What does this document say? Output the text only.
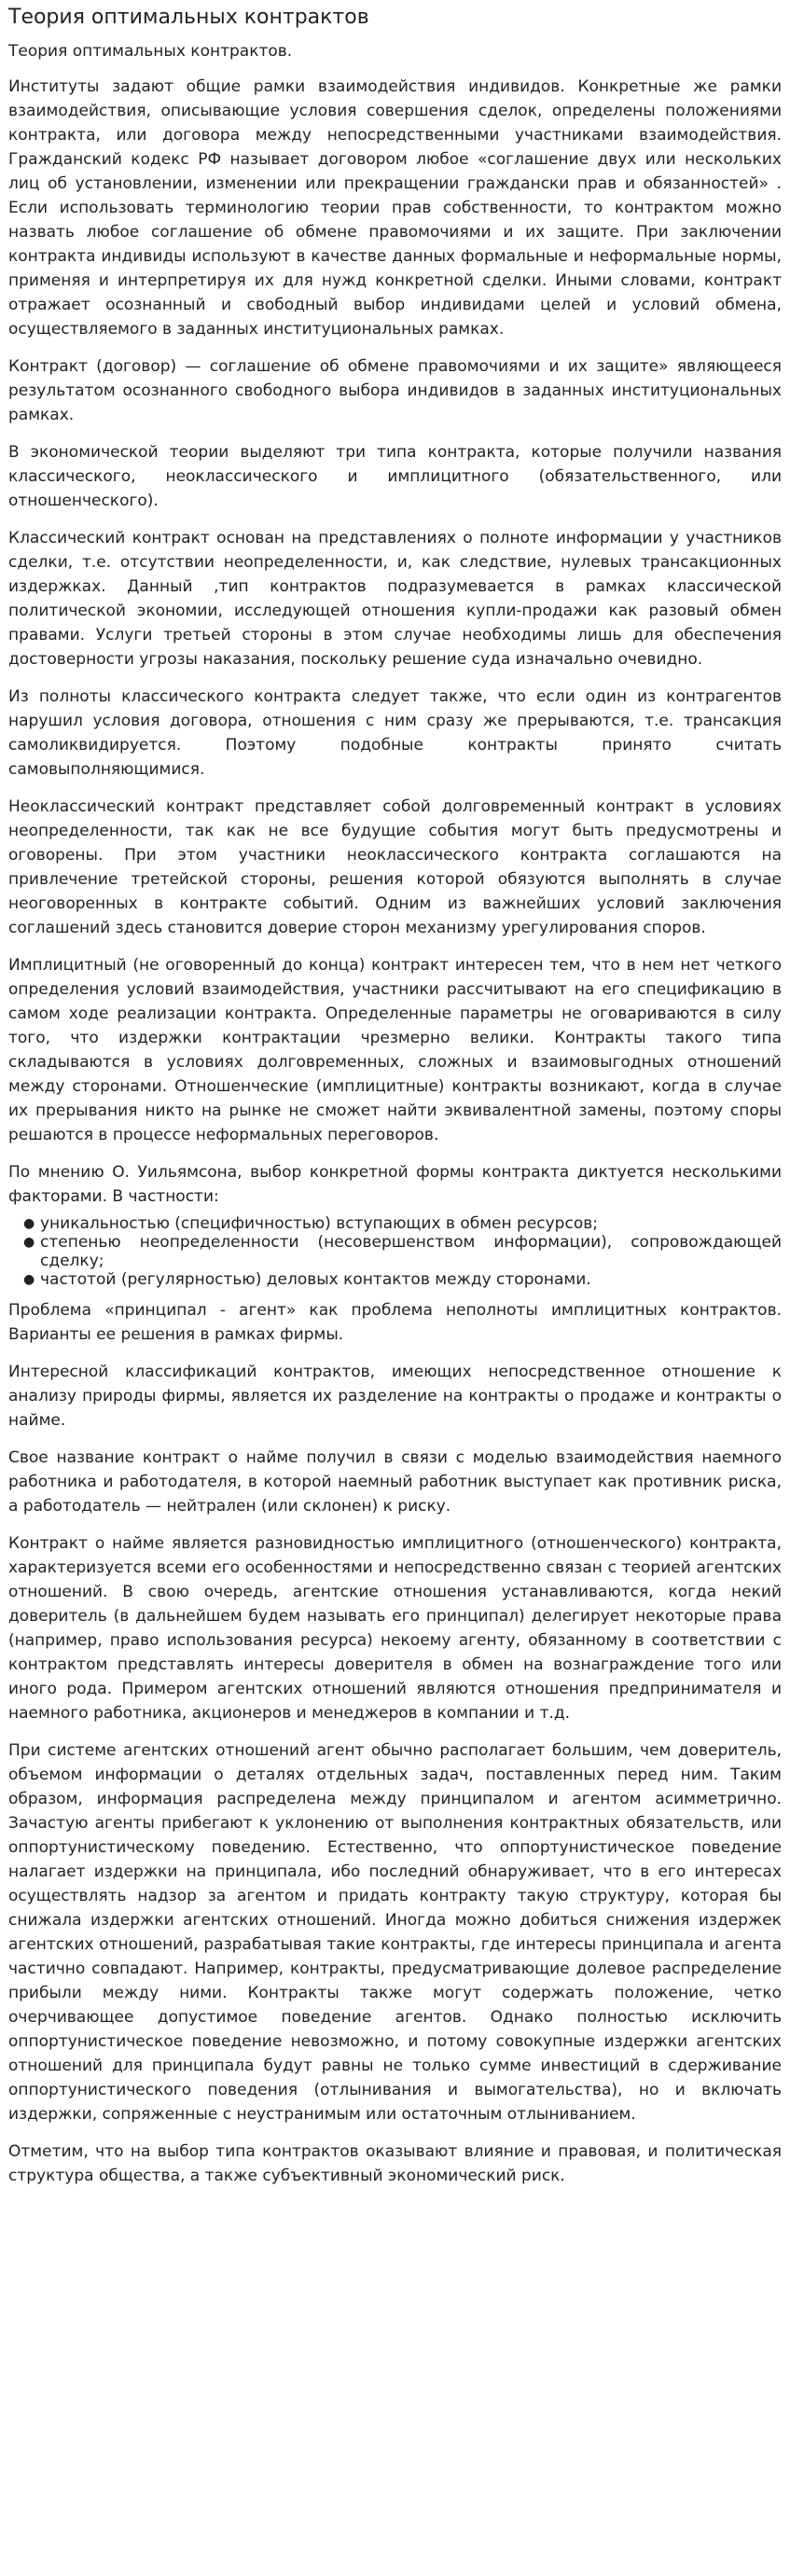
Теория оптимальных контрактов

Теория оптимальных контрактов.

Институты задают общие рамки взаимодействия индивидов. Конкретные же рамки взаимодействия, описывающие условия совершения сделок, определены положениями контракта, или договора между непосредственными участниками взаимодействия. Гражданский кодекс РФ называет договором любое «соглашение двух или нескольких лиц об установлении, изменении или прекращении граждански прав и обязанностей» . Если использовать терминологию теории прав собственности, то контрактом можно назвать любое соглашение об обмене правомочиями и их защите. При заключении контракта индивиды используют в качестве данных формальные и неформальные нормы, применяя и интерпретируя их для нужд конкретной сделки. Иными словами, контракт отражает осознанный и свободный выбор индивидами целей и условий обмена, осуществляемого в заданных институциональных рамках.

Контракт (договор) — соглашение об обмене правомочиями и их защите» являющееся результатом осознанного свободного выбора индивидов в заданных институциональных рамках.

В экономической теории выделяют три типа контракта, которые получили названия классического, неоклассического и имплицитного (обязательственного, или отношенческого).

Классический контракт основан на представлениях о полноте информации у участников сделки, т.е. отсутствии неопределенности, и, как следствие, нулевых трансакционных издержках. Данный ,тип контрактов подразумевается в рамках классической политической экономии, исследующей отношения купли-продажи как разовый обмен правами. Услуги третьей стороны в этом случае необходимы лишь для обеспечения достоверности угрозы наказания, поскольку решение суда изначально очевидно.

Из полноты классического контракта следует также, что если один из контрагентов нарушил условия договора, отношения с ним сразу же прерываются, т.е. трансакция самоликвидируется. Поэтому подобные контракты принято считать самовыполняющимися.

Неоклассический контракт представляет собой долговременный контракт в условиях неопределенности, так как не все будущие события могут быть предусмотрены и оговорены. При этом участники неоклассического контракта соглашаются на привлечение третейской стороны, решения которой обязуются выполнять в случае неоговоренных в контракте событий. Одним из важнейших условий заключения соглашений здесь становится доверие сторон механизму урегулирования споров.

Имплицитный (не оговоренный до конца) контракт интересен тем, что в нем нет четкого определения условий взаимодействия, участники рассчитывают на его спецификацию в самом ходе реализации контракта. Определенные параметры не оговариваются в силу того, что издержки контрактации чрезмерно велики. Контракты такого типа складываются в условиях долговременных, сложных и взаимовыгодных отношений между сторонами. Отношенческие (имплицитные) контракты возникают, когда в случае их прерывания никто на рынке не сможет найти эквивалентной замены, поэтому споры решаются в процессе неформальных переговоров.

По мнению О. Уильямсона, выбор конкретной формы контракта диктуется несколькими факторами. В частности:

● уникальностью (специфичностью) вступающих в обмен ресурсов;
● степенью неопределенности (несовершенством информации), сопровождающей сделку;
● частотой (регулярностью) деловых контактов между сторонами.

Проблема «принципал - агент» как проблема неполноты имплицитных контрактов. Варианты ее решения в рамках фирмы.

Интересной классификаций контрактов, имеющих непосредственное отношение к анализу природы фирмы, является их разделение на контракты о продаже и контракты о найме.

Свое название контракт о найме получил в связи с моделью взаимодействия наемного работника и работодателя, в которой наемный работник выступает как противник риска, а работодатель — нейтрален (или склонен) к риску.

Контракт о найме является разновидностью имплицитного (отношенческого) контракта, характеризуется всеми его особенностями и непосредственно связан с теорией агентских отношений. В свою очередь, агентские отношения устанавливаются, когда некий доверитель (в дальнейшем будем называть его принципал) делегирует некоторые права (например, право использования ресурса) некоему агенту, обязанному в соответствии с контрактом представлять интересы доверителя в обмен на вознаграждение того или иного рода. Примером агентских отношений являются отношения предпринимателя и наемного работника, акционеров и менеджеров в компании и т.д.

При системе агентских отношений агент обычно располагает большим, чем доверитель, объемом информации о деталях отдельных задач, поставленных перед ним. Таким образом, информация распределена между принципалом и агентом асимметрично. Зачастую агенты прибегают к уклонению от выполнения контрактных обязательств, или оппортунистическому поведению. Естественно, что оппортунистическое поведение налагает издержки на принципала, ибо последний обнаруживает, что в его интересах осуществлять надзор за агентом и придать контракту такую структуру, которая бы снижала издержки агентских отношений. Иногда можно добиться снижения издержек агентских отношений, разрабатывая такие контракты, где интересы принципала и агента частично совпадают. Например, контракты, предусматривающие долевое распределение прибыли между ними. Контракты также могут содержать положение, четко очерчивающее допустимое поведение агентов. Однако полностью исключить оппортунистическое поведение невозможно, и потому совокупные издержки агентских отношений для принципала будут равны не только сумме инвестиций в сдерживание оппортунистического поведения (отлынивания и вымогательства), но и включать издержки, сопряженные с неустранимым или остаточным отлыниванием.

Отметим, что на выбор типа контрактов оказывают влияние и правовая, и политическая структура общества, а также субъективный экономический риск.
